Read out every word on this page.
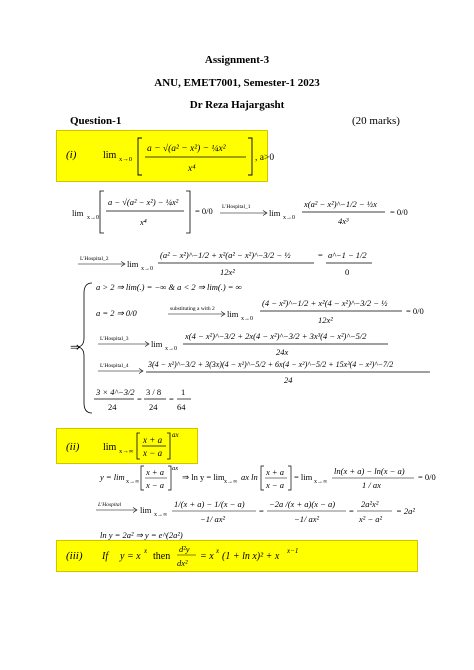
Assignment-3
ANU, EMET7001, Semester-1 2023
Dr Reza Hajargasht
Question-1	(20 marks)
(i)	lim x→0
a − √(a² − x²) − ¼x²
x⁴
, a>0
lim x→0
a − √(a² − x²) − ¼x²
x⁴
= 0/0 L'Hospital_1
lim x→0
x(a² − x²)^−1/2 − ½x
4x³
= 0/0
L'Hospital_2 lim x→0
(a² − x²)^−1/2 + x²(a² − x²)^−3/2 − ½
12x²
= a^−1 − 1/2
0
⇒
a > 2 ⇒ lim(.) = −∞ & a < 2 ⇒ lim(.) = ∞
a = 2 ⇒ 0/0	substituting a with 2 lim x→0
(4 − x²)^−1/2 + x²(4 − x²)^−3/2 − ½
12x²
= 0/0
L'Hospital_3	lim x→0
x(4 − x²)^−3/2 + 2x(4 − x²)^−3/2 + 3x³(4 − x²)^−5/2
24x
L'Hospital_4 3(4 − x²)^−3/2 + 3(3x)(4 − x²)^−5/2 + 6x(4 − x²)^−5/2 + 15x³(4 − x²)^−7/2
24
3 × 4^−3/2
24
=
3 / 8
24
=
1
64
(ii) lim x→∞
x + a
x − a
ax
y = lim x→∞
x + a
x − a
ax
⇒ ln y = lim x→∞ ax ln x + a
x − a
= lim x→∞
ln(x + a) − ln(x − a)
1 / ax
= 0/0
L'Hospital lim x→∞
1/(x + a) − 1/(x − a)
−1/ ax²
=
−2a /(x + a)(x − a)
−1/ ax²
=
2a²x²
x² − a²
= 2a²
ln y = 2a² ⇒ y = e^(2a²)
(iii) If y = x x then
d²y
dx²
= x x (1 + ln x)² + x x−1
